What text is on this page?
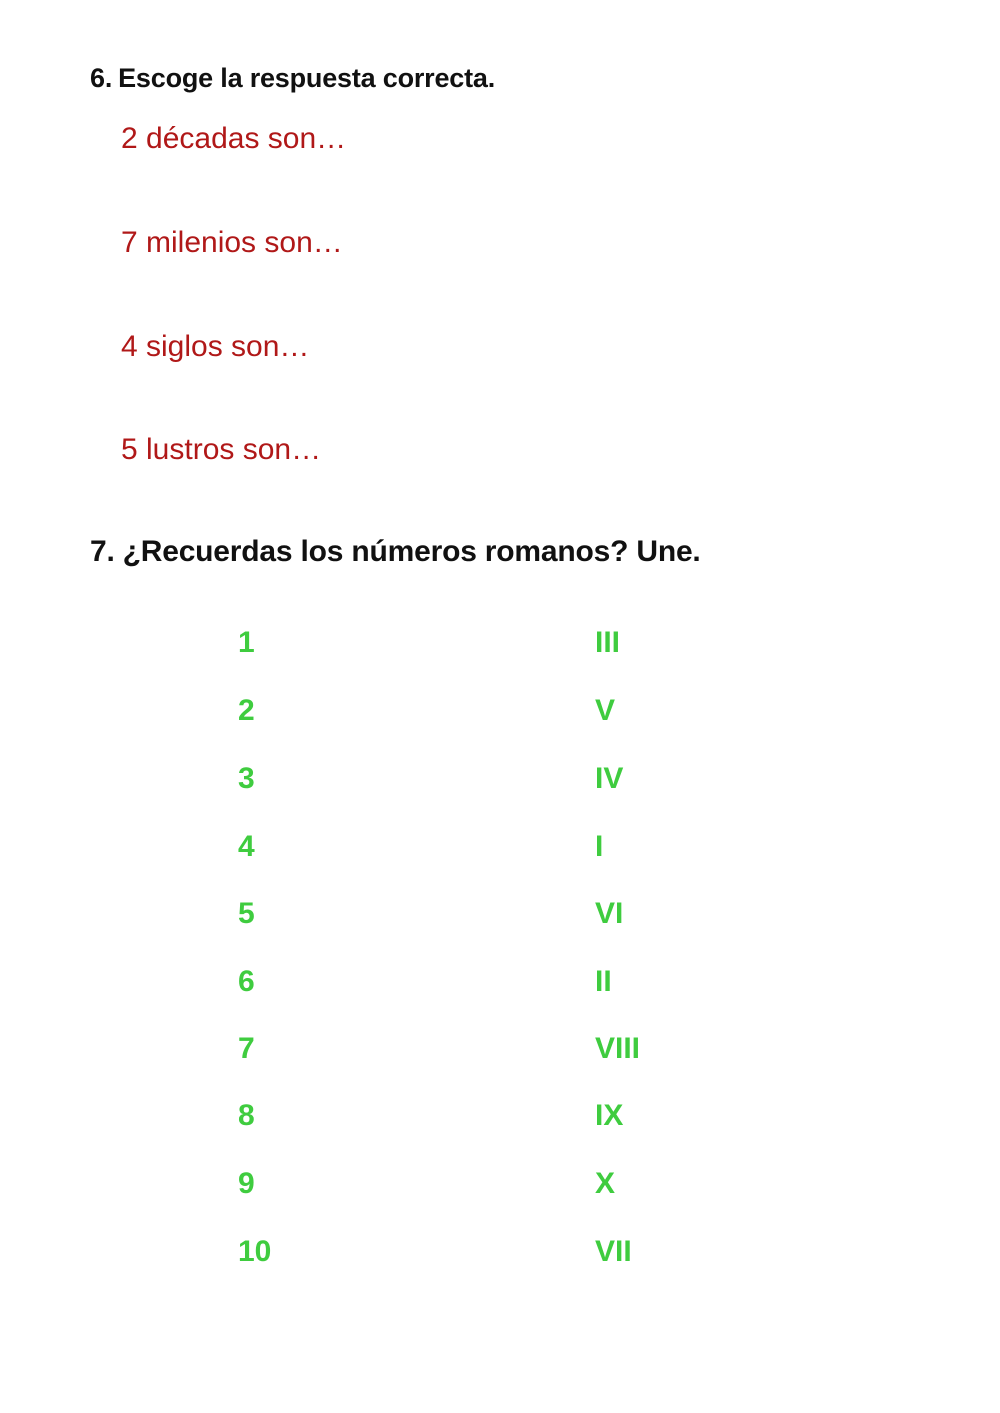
6. Escoge la respuesta correcta.
2 décadas son…
7 milenios son…
4 siglos son…
5 lustros son…
7. ¿Recuerdas los números romanos? Une.
1
2
3
4
5
6
7
8
9
10
III
V
IV
I
VI
II
VIII
IX
X
VII
